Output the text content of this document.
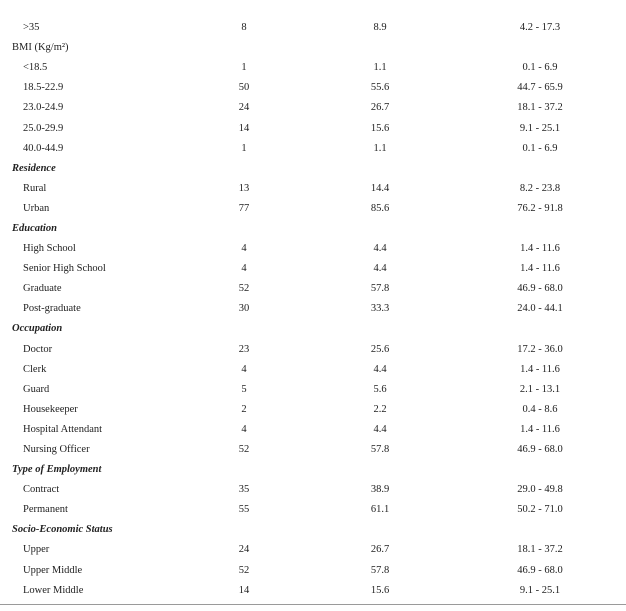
>35	8	8.9	4.2 - 17.3
BMI (Kg/m²)			
<18.5	1	1.1	0.1 - 6.9
18.5-22.9	50	55.6	44.7 - 65.9
23.0-24.9	24	26.7	18.1 - 37.2
25.0-29.9	14	15.6	9.1 - 25.1
40.0-44.9	1	1.1	0.1 - 6.9
Residence			
Rural	13	14.4	8.2 - 23.8
Urban	77	85.6	76.2 - 91.8
Education			
High School	4	4.4	1.4 - 11.6
Senior High School	4	4.4	1.4 - 11.6
Graduate	52	57.8	46.9 - 68.0
Post-graduate	30	33.3	24.0 - 44.1
Occupation			
Doctor	23	25.6	17.2 - 36.0
Clerk	4	4.4	1.4 - 11.6
Guard	5	5.6	2.1 - 13.1
Housekeeper	2	2.2	0.4 - 8.6
Hospital Attendant	4	4.4	1.4 - 11.6
Nursing Officer	52	57.8	46.9 - 68.0
Type of Employment			
Contract	35	38.9	29.0 - 49.8
Permanent	55	61.1	50.2 - 71.0
Socio-Economic Status			
Upper	24	26.7	18.1 - 37.2
Upper Middle	52	57.8	46.9 - 68.0
Lower Middle	14	15.6	9.1 - 25.1
